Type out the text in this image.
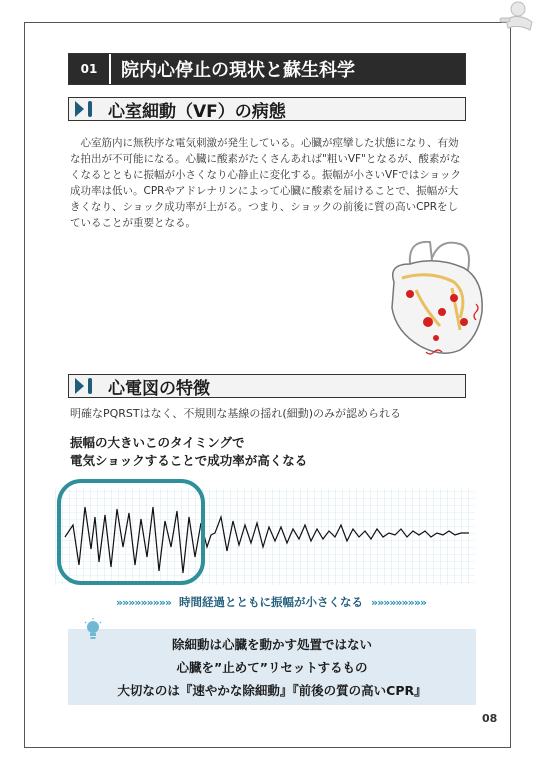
01	院内心停止の現状と蘇生科学
心室細動（VF）の病態

心室筋内に無秩序な電気刺激が発生している。心臓が痙攣した状態になり、有効な拍出が不可能になる。心臓に酸素がたくさんあれば"粗いVF"となるが、酸素がなくなるとともに振幅が小さくなり心静止に変化する。振幅が小さいVFではショック成功率は低い。CPRやアドレナリンによって心臓に酸素を届けることで、振幅が大きくなり、ショック成功率が上がる。つまり、ショックの前後に質の高いCPRをしていることが重要となる。

心電図の特徴
明確なPQRSTはなく、不規則な基線の揺れ(細動)のみが認められる
振幅の大きいこのタイミングで
電気ショックすることで成功率が高くなる
»»»»»»»»» 時間経過とともに振幅が小さくなる »»»»»»»»»
除細動は心臓を動かす処置ではない
心臓を”止めて”リセットするもの
大切なのは『速やかな除細動』『前後の質の高いCPR』
08
